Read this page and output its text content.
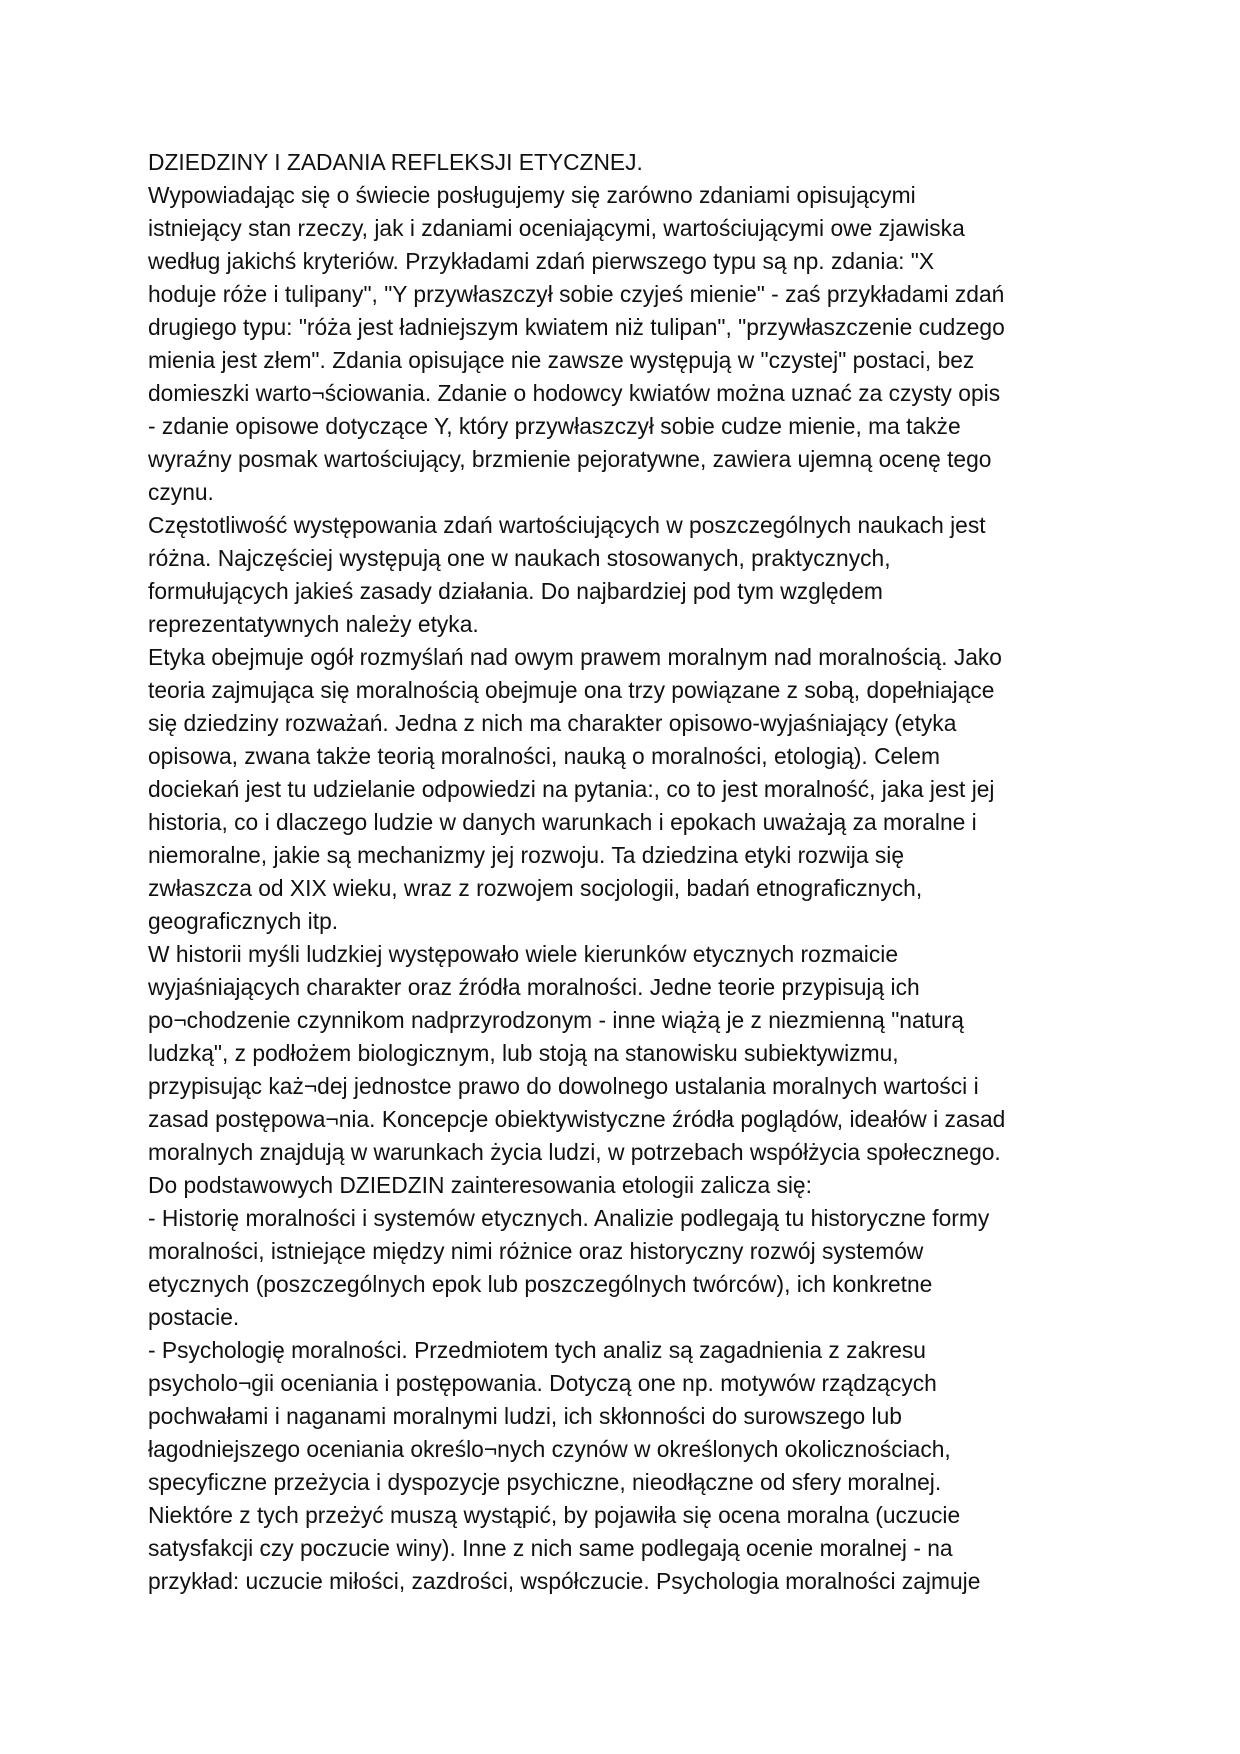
DZIEDZINY I ZADANIA REFLEKSJI ETYCZNEJ.

Wypowiadając się o świecie posługujemy się zarówno zdaniami opisującymi

istniejący stan rzeczy, jak i zdaniami oceniającymi, wartościującymi owe zjawiska

według jakichś kryteriów. Przykładami zdań pierwszego typu są np. zdania: "X

hoduje róże i tulipany", "Y przywłaszczył sobie czyjeś mienie" - zaś przykładami zdań

drugiego typu: "róża jest ładniejszym kwiatem niż tulipan", "przywłaszczenie cudzego

mienia jest złem". Zdania opisujące nie zawsze występują w "czystej" postaci, bez

domieszki warto¬ściowania. Zdanie o hodowcy kwiatów można uznać za czysty opis

- zdanie opisowe dotyczące Y, który przywłaszczył sobie cudze mienie, ma także

wyraźny posmak wartościujący, brzmienie pejoratywne, zawiera ujemną ocenę tego

czynu.

Częstotliwość występowania zdań wartościujących w poszczególnych naukach jest

różna. Najczęściej występują one w naukach stosowanych, praktycznych,

formułujących jakieś zasady działania. Do najbardziej pod tym względem

reprezentatywnych należy etyka.

Etyka obejmuje ogół rozmyślań nad owym prawem moralnym nad moralnością. Jako

teoria zajmująca się moralnością obejmuje ona trzy powiązane z sobą, dopełniające

się dziedziny rozważań. Jedna z nich ma charakter opisowo-wyjaśniający (etyka

opisowa, zwana także teorią moralności, nauką o moralności, etologią). Celem

dociekań jest tu udzielanie odpowiedzi na pytania:, co to jest moralność, jaka jest jej

historia, co i dlaczego ludzie w danych warunkach i epokach uważają za moralne i

niemoralne, jakie są mechanizmy jej rozwoju. Ta dziedzina etyki rozwija się

zwłaszcza od XIX wieku, wraz z rozwojem socjologii, badań etnograficznych,

geograficznych itp.

W historii myśli ludzkiej występowało wiele kierunków etycznych rozmaicie

wyjaśniających charakter oraz źródła moralności. Jedne teorie przypisują ich

po¬chodzenie czynnikom nadprzyrodzonym - inne wiążą je z niezmienną "naturą

ludzką", z podłożem biologicznym, lub stoją na stanowisku subiektywizmu,

przypisując każ¬dej jednostce prawo do dowolnego ustalania moralnych wartości i

zasad postępowa¬nia. Koncepcje obiektywistyczne źródła poglądów, ideałów i zasad

moralnych znajdują w warunkach życia ludzi, w potrzebach współżycia społecznego.

Do podstawowych DZIEDZIN zainteresowania etologii zalicza się:

- Historię moralności i systemów etycznych. Analizie podlegają tu historyczne formy

moralności, istniejące między nimi różnice oraz historyczny rozwój systemów

etycznych (poszczególnych epok lub poszczególnych twórców), ich konkretne

postacie.

- Psychologię moralności. Przedmiotem tych analiz są zagadnienia z zakresu

psycholo¬gii oceniania i postępowania. Dotyczą one np. motywów rządzących

pochwałami i naganami moralnymi ludzi, ich skłonności do surowszego lub

łagodniejszego oceniania określo¬nych czynów w określonych okolicznościach,

specyficzne przeżycia i dyspozycje psychiczne, nieodłączne od sfery moralnej.

Niektóre z tych przeżyć muszą wystąpić, by pojawiła się ocena moralna (uczucie

satysfakcji czy poczucie winy). Inne z nich same podlegają ocenie moralnej - na

przykład: uczucie miłości, zazdrości, współczucie. Psychologia moralności zajmuje
